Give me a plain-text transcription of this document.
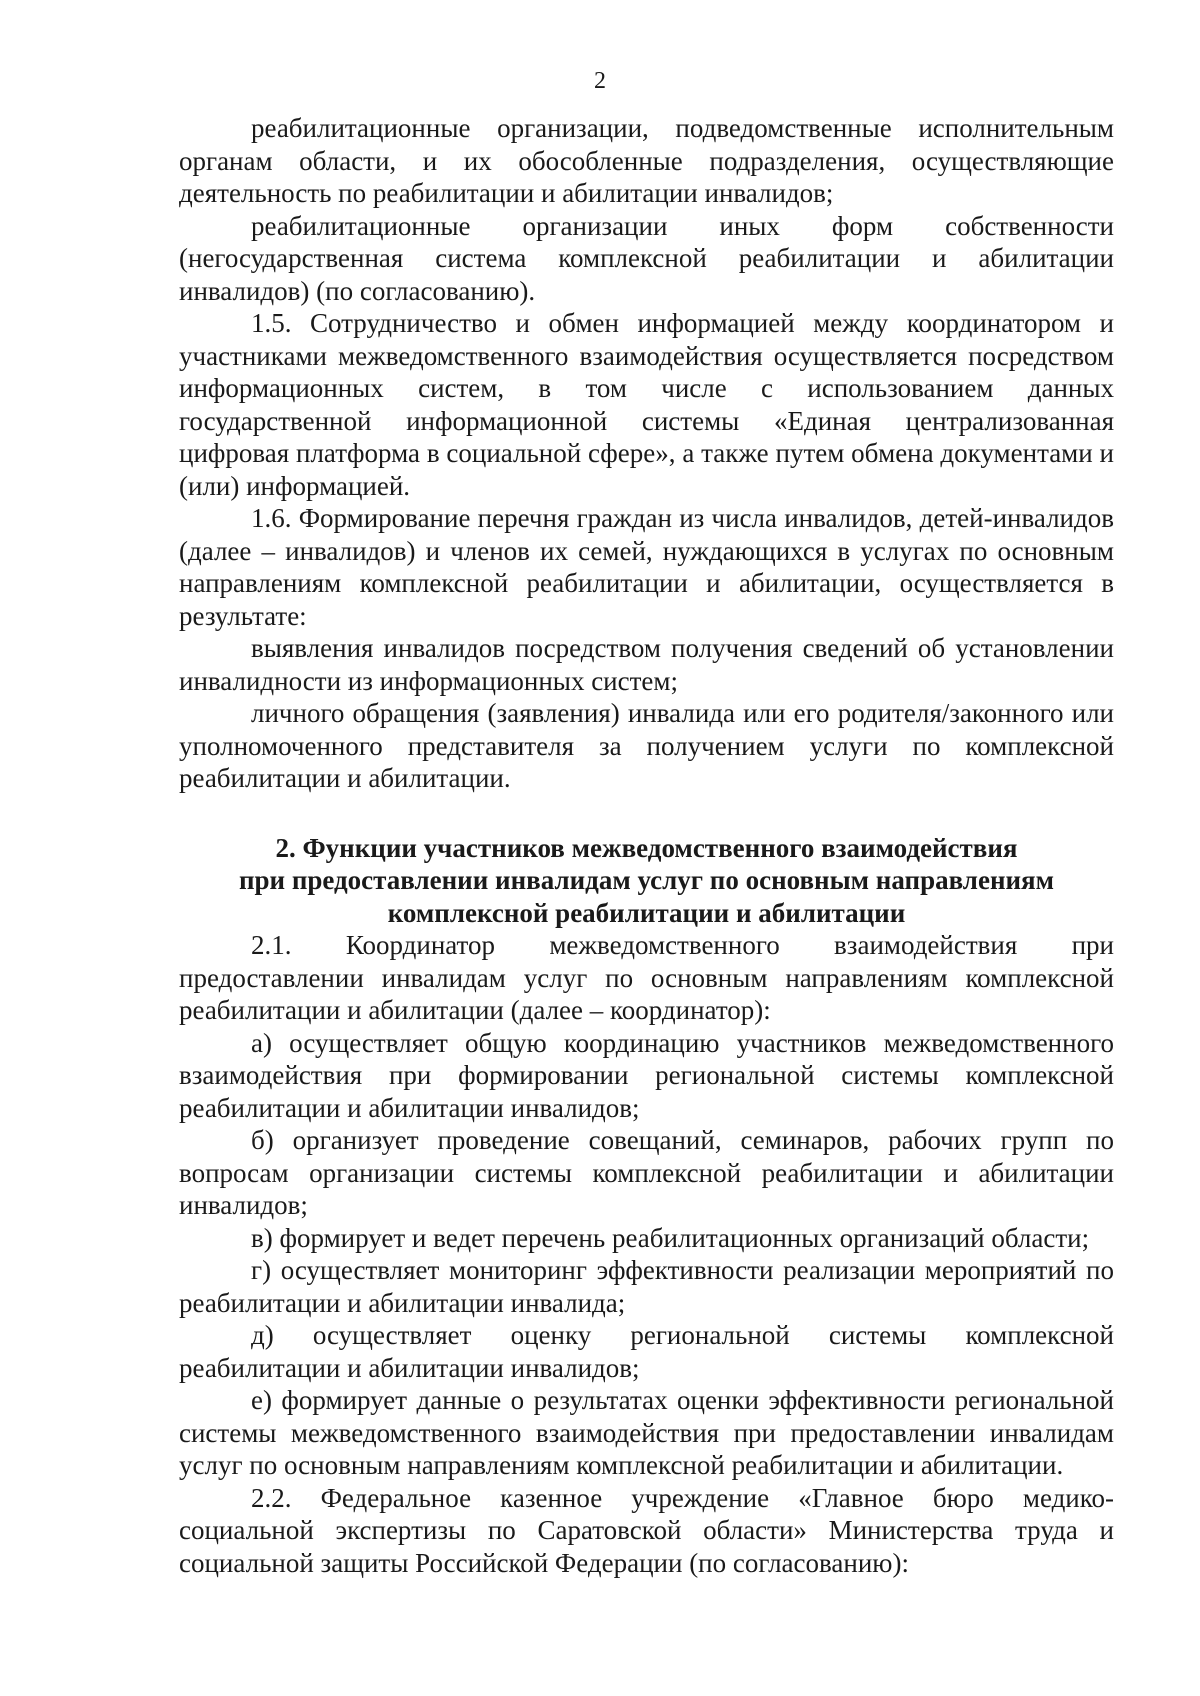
2

реабилитационные организации, подведомственные исполнительным органам области, и их обособленные подразделения, осуществляющие деятельность по реабилитации и абилитации инвалидов;

реабилитационные организации иных форм собственности (негосударственная система комплексной реабилитации и абилитации инвалидов) (по согласованию).

1.5. Сотрудничество и обмен информацией между координатором и участниками межведомственного взаимодействия осуществляется посредством информационных систем, в том числе с использованием данных государственной информационной системы «Единая централизованная цифровая платформа в социальной сфере», а также путем обмена документами и (или) информацией.

1.6. Формирование перечня граждан из числа инвалидов, детей-инвалидов (далее – инвалидов) и членов их семей, нуждающихся в услугах по основным направлениям комплексной реабилитации и абилитации, осуществляется в результате:

выявления инвалидов посредством получения сведений об установлении инвалидности из информационных систем;

личного обращения (заявления) инвалида или его родителя/законного или уполномоченного представителя за получением услуги по комплексной реабилитации и абилитации.

2. Функции участников межведомственного взаимодействия
при предоставлении инвалидам услуг по основным направлениям
комплексной реабилитации и абилитации

2.1. Координатор межведомственного взаимодействия при предоставлении инвалидам услуг по основным направлениям комплексной реабилитации и абилитации (далее – координатор):

а) осуществляет общую координацию участников межведомственного взаимодействия при формировании региональной системы комплексной реабилитации и абилитации инвалидов;

б) организует проведение совещаний, семинаров, рабочих групп по вопросам организации системы комплексной реабилитации и абилитации инвалидов;

в) формирует и ведет перечень реабилитационных организаций области;

г) осуществляет мониторинг эффективности реализации мероприятий по реабилитации и абилитации инвалида;

д) осуществляет оценку региональной системы комплексной реабилитации и абилитации инвалидов;

е) формирует данные о результатах оценки эффективности региональной системы межведомственного взаимодействия при предоставлении инвалидам услуг по основным направлениям комплексной реабилитации и абилитации.

2.2. Федеральное казенное учреждение «Главное бюро медико-социальной экспертизы по Саратовской области» Министерства труда и социальной защиты Российской Федерации (по согласованию):
